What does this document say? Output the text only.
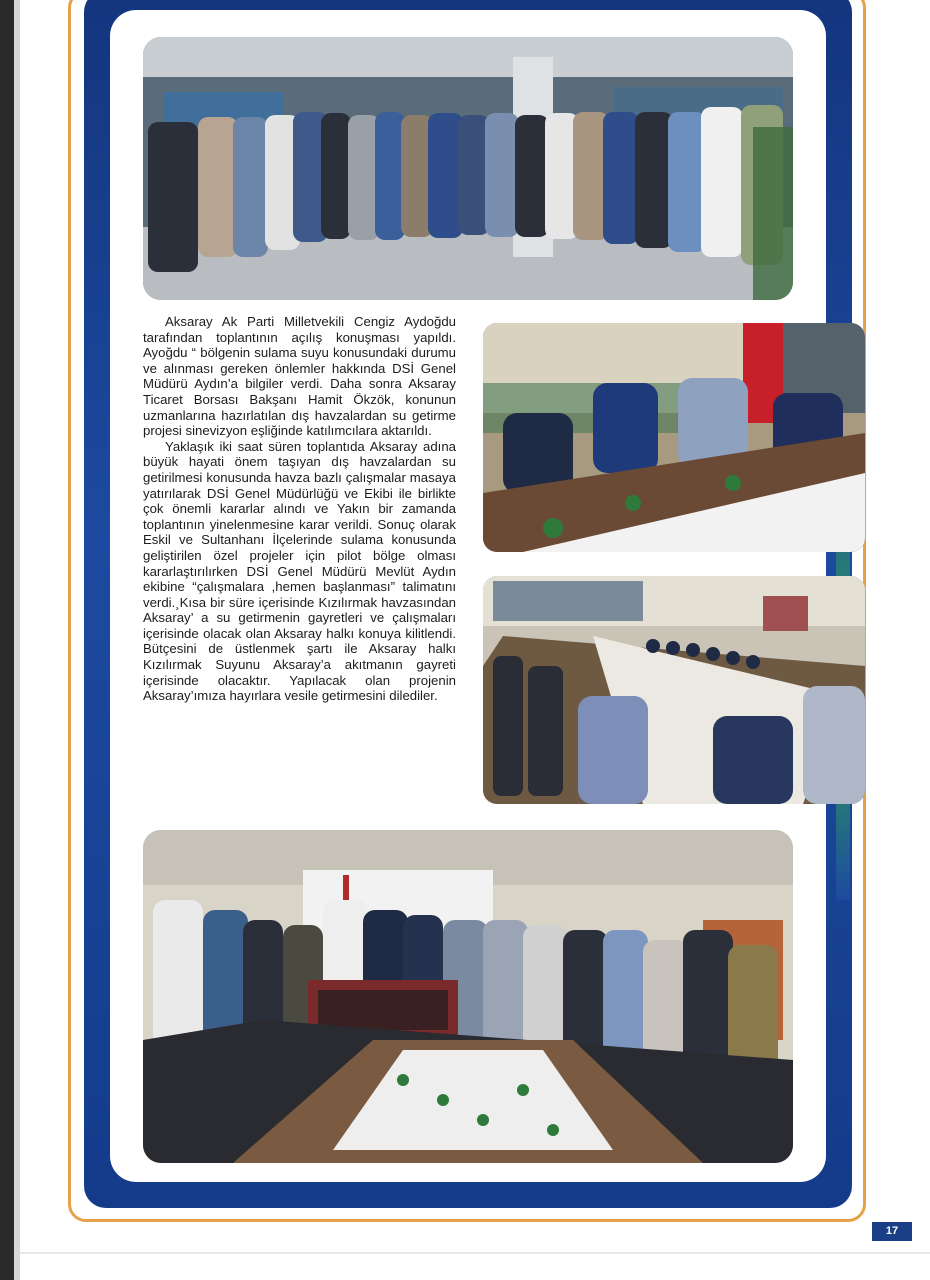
Aksaray Ak Parti Milletvekili Cengiz Aydoğdu tarafından toplantının açılış konuşması yapıldı. Ayoğdu “ bölgenin sulama suyu konusundaki durumu ve alınması gereken önlemler hakkında DSİ Genel Müdürü Aydın’a bilgiler verdi. Daha sonra Aksaray Ticaret Borsası Bakşanı Hamit Ökzök, konunun uzmanlarına hazırlatılan dış havzalardan su getirme projesi sinevizyon eşliğinde katılımcılara aktarıldı.

Yaklaşık iki saat süren toplantıda Aksaray adına büyük hayati önem taşıyan dış havzalardan su getirilmesi konusunda havza bazlı çalışmalar masaya yatırılarak DSİ Genel Müdürlüğü ve Ekibi ile birlikte çok önemli kararlar alındı ve Yakın bir zamanda toplantının yinelenmesine karar verildi. Sonuç olarak Eskil ve Sultanhanı İlçelerinde sulama konusunda geliştirilen özel projeler için pilot bölge olması kararlaştırılırken DSİ Genel Müdürü Mevlüt Aydın ekibine “çalışmalara ,hemen başlanması” talimatını verdi.¸Kısa bir süre içerisinde Kızılırmak havzasından Aksaray’ a su getirmenin gayretleri ve çalışmaları içerisinde olacak olan Aksaray halkı konuya kilitlendi. Bütçesini de üstlenmek şartı ile Aksaray halkı Kızılırmak Suyunu Aksaray’a akıtmanın gayreti içerisinde olacaktır. Yapılacak olan projenin Aksaray’ımıza hayırlara vesile getirmesini dilediler.

17
